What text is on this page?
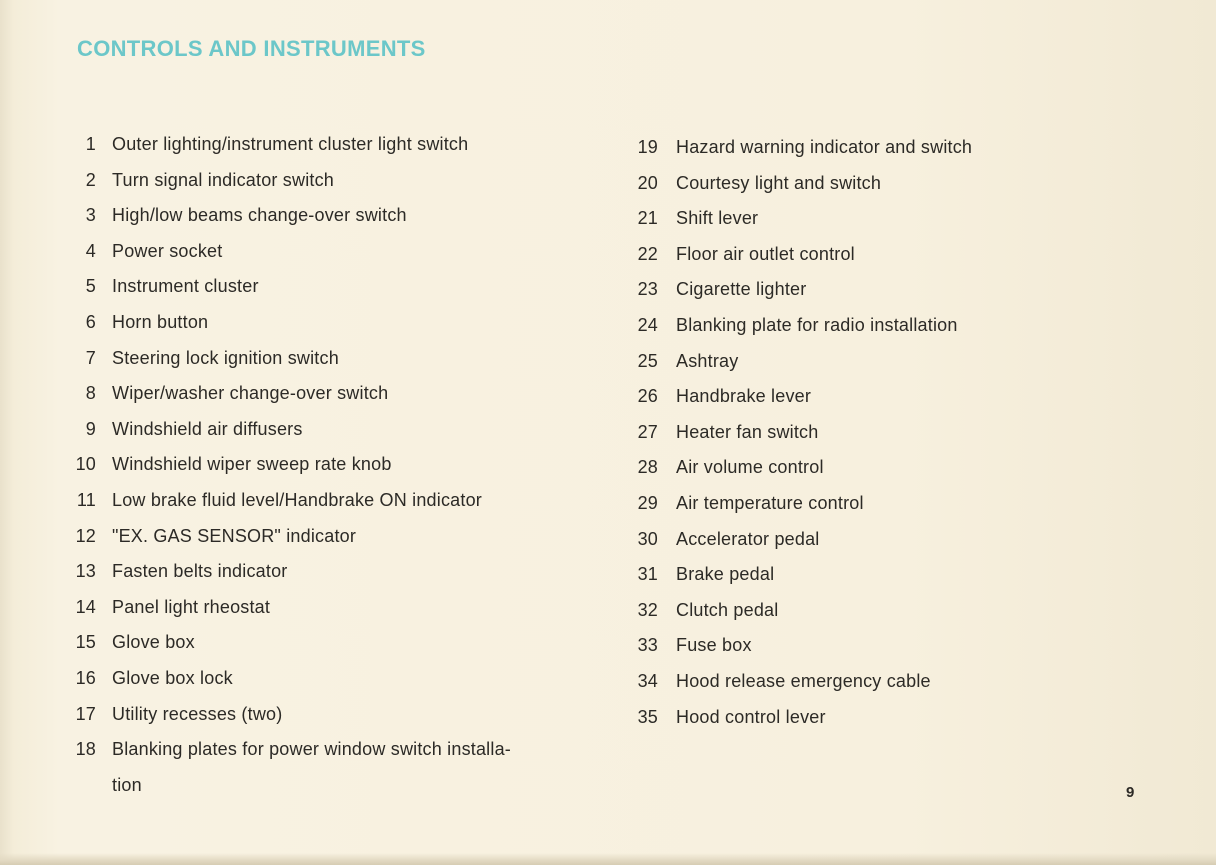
CONTROLS AND INSTRUMENTS
1 Outer lighting/instrument cluster light switch
2 Turn signal indicator switch
3 High/low beams change-over switch
4 Power socket
5 Instrument cluster
6 Horn button
7 Steering lock ignition switch
8 Wiper/washer change-over switch
9 Windshield air diffusers
10 Windshield wiper sweep rate knob
11 Low brake fluid level/Handbrake ON indicator
12 "EX. GAS SENSOR" indicator
13 Fasten belts indicator
14 Panel light rheostat
15 Glove box
16 Glove box lock
17 Utility recesses (two)
18 Blanking plates for power window switch installa-
tion
19	Hazard warning indicator and switch
20	Courtesy light and switch
21	Shift lever
22	Floor air outlet control
23	Cigarette lighter
24	Blanking plate for radio installation
25	Ashtray
26	Handbrake lever
27	Heater fan switch
28	Air volume control
29	Air temperature control
30	Accelerator pedal
31	Brake pedal
32	Clutch pedal
33	Fuse box
34	Hood release emergency cable
35	Hood control lever
9
